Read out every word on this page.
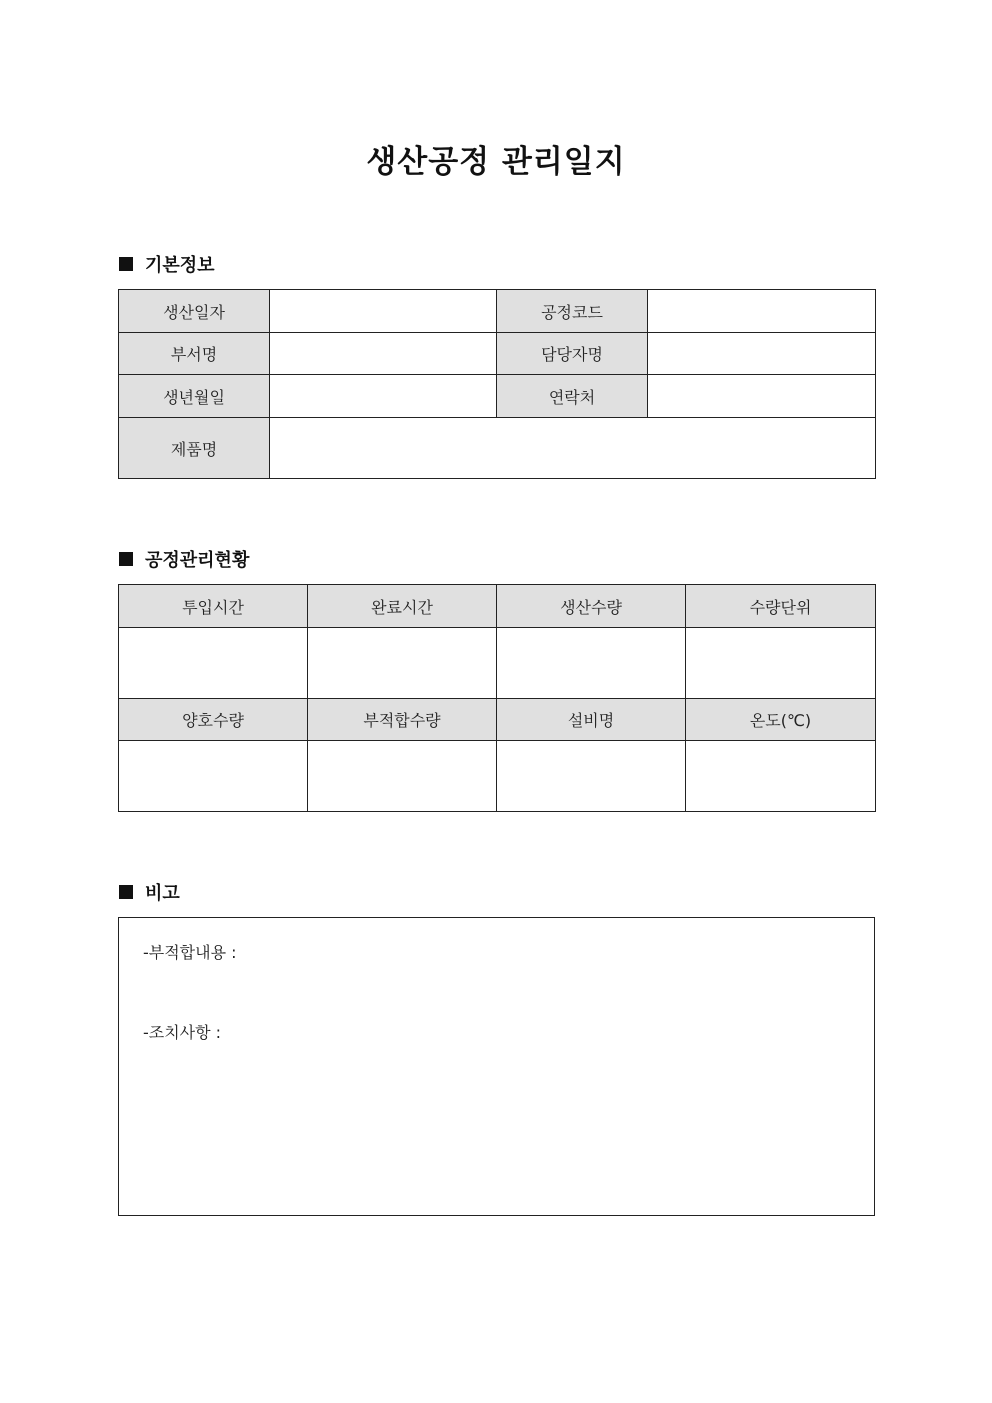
생산공정 관리일지
기본정보
생산일자		공정코드	
부서명		담당자명	
생년월일		연락처	
제품명			
공정관리현황
투입시간	완료시간	생산수량	수량단위

양호수량	부적합수량	설비명	온도(℃)

비고
-부적합내용 :
-조치사항 :
